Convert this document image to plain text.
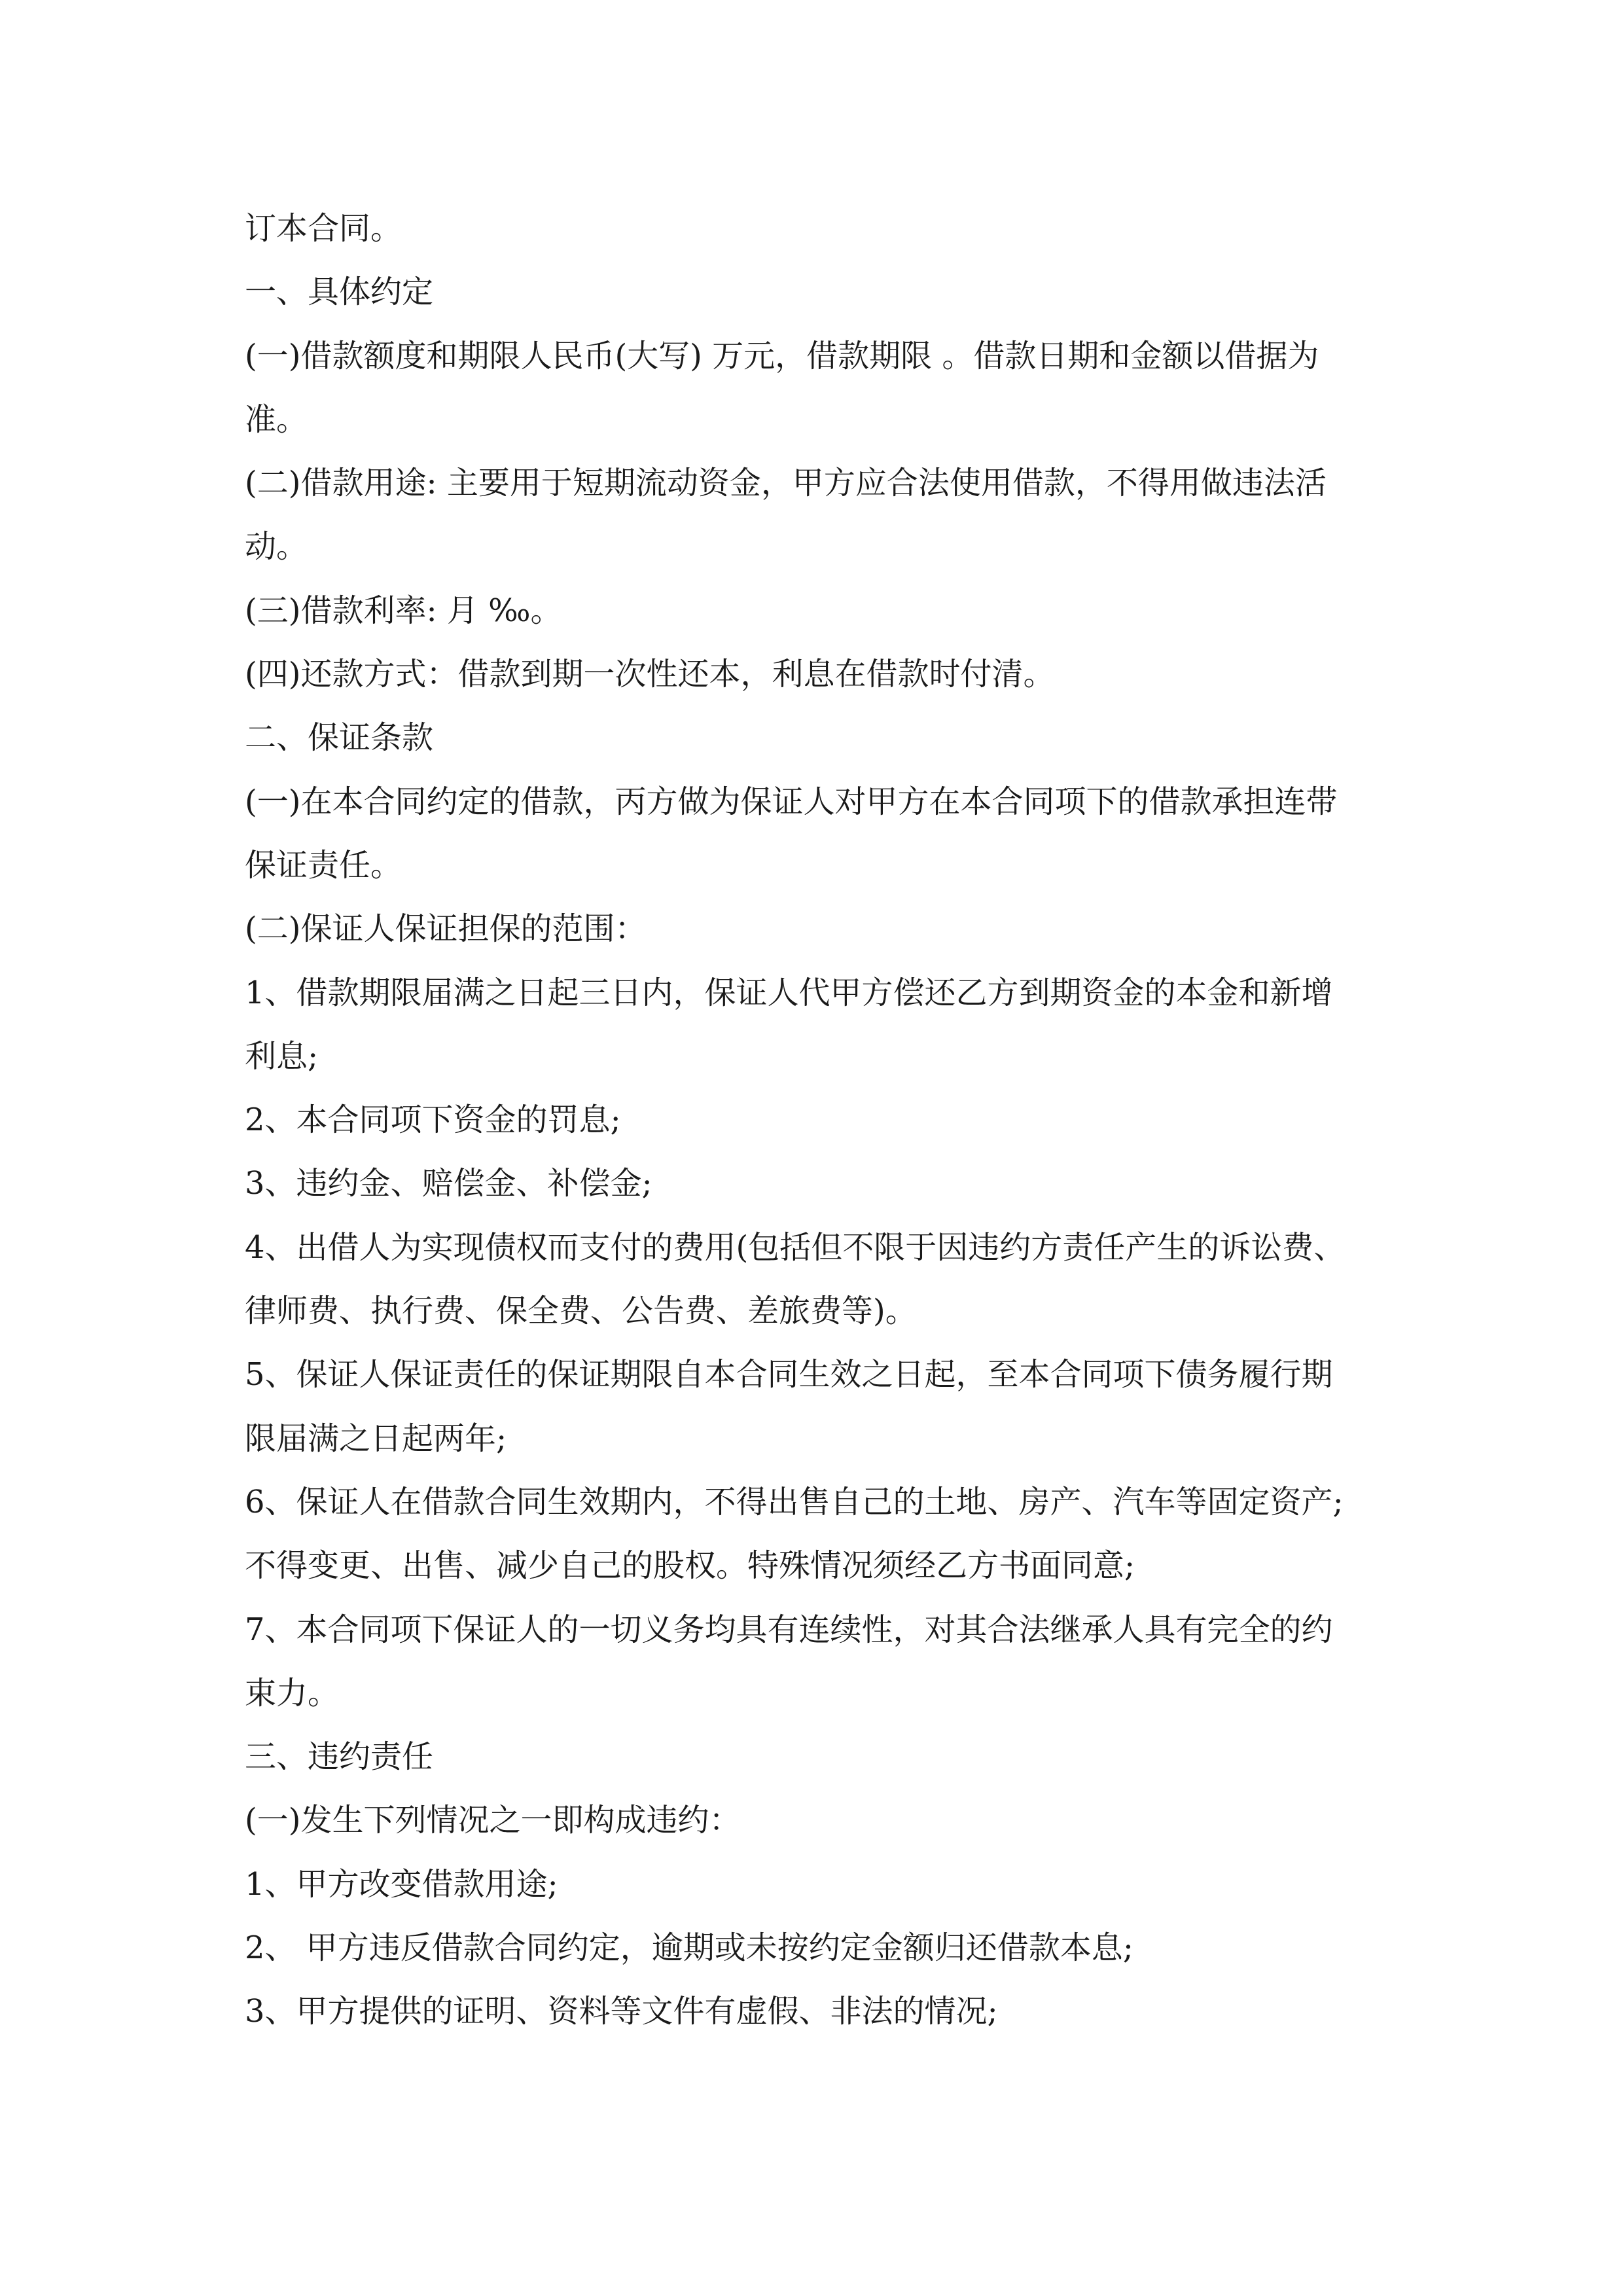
订本合同。
一、具体约定
(一)借款额度和期限人民币(大写) 万元，借款期限 。借款日期和金额以借据为
准。
(二)借款用途: 主要用于短期流动资金，甲方应合法使用借款，不得用做违法活
动。
(三)借款利率: 月 ‰。
(四)还款方式：借款到期一次性还本，利息在借款时付清。
二、保证条款
(一)在本合同约定的借款，丙方做为保证人对甲方在本合同项下的借款承担连带
保证责任。
(二)保证人保证担保的范围：
1、借款期限届满之日起三日内，保证人代甲方偿还乙方到期资金的本金和新增
利息;
2、本合同项下资金的罚息;
3、违约金、赔偿金、补偿金;
4、出借人为实现债权而支付的费用(包括但不限于因违约方责任产生的诉讼费、
律师费、执行费、保全费、公告费、差旅费等)。
5、保证人保证责任的保证期限自本合同生效之日起，至本合同项下债务履行期
限届满之日起两年;
6、保证人在借款合同生效期内，不得出售自己的土地、房产、汽车等固定资产;
不得变更、出售、减少自己的股权。特殊情况须经乙方书面同意;
7、本合同项下保证人的一切义务均具有连续性，对其合法继承人具有完全的约
束力。
三、违约责任
(一)发生下列情况之一即构成违约：
1、甲方改变借款用途;
2、 甲方违反借款合同约定，逾期或未按约定金额归还借款本息;
3、甲方提供的证明、资料等文件有虚假、非法的情况;
